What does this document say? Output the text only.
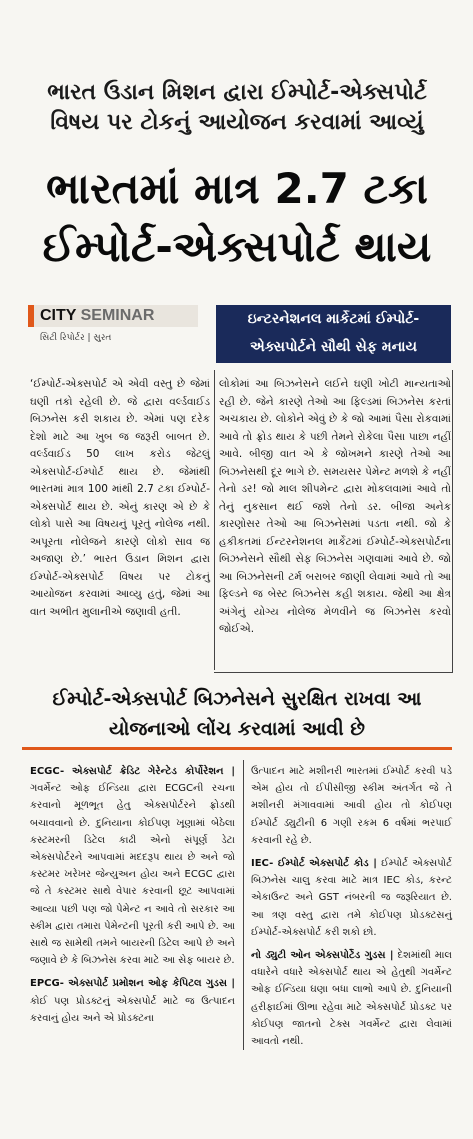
ભારત ઉડાન મિશન દ્વારા ઈમ્પોર્ટ-એક્સપોર્ટ વિષય પર ટોકનું આયોજન કરવામાં આવ્યું
ભારતમાં માત્ર 2.7 ટકા ઈમ્પોર્ટ-એક્સપોર્ટ થાય
CITY SEMINAR
સિટી રિપોર્ટર | સુરત
ઇન્ટરનેશનલ માર્કેટમાં ઈમ્પોર્ટ-એક્સપોર્ટને સૌથી સેફ મનાય
‘ઈમ્પોર્ટ-એક્સપોર્ટ એ એવી વસ્તુ છે જેમાં ઘણી તકો રહેલી છે. જે દ્વારા વર્લ્ડવાઈડ બિઝનેસ કરી શકાય છે. એમાં પણ દરેક દેશો માટે આ ખુબ જ જરૂરી બાબત છે. વર્લ્ડવાઈડ 50 લાખ કરોડ જેટલું એક્સપોર્ટ-ઈમ્પોર્ટ થાય છે. જેમાંથી ભારતમાં માત્ર 100 માંથી 2.7 ટકા ઈમ્પોર્ટ-એક્સપોર્ટ થાય છે. એનું કારણ એ છે કે લોકો પાસે આ વિષયનું પૂરતું નોલેજ નથી. અપૂરતા નોલેજને કારણે લોકો સાવ જ અજાણ છે.’ ભારત ઉડાન મિશન દ્વારા ઈમ્પોર્ટ-એક્સપોર્ટ વિષય પર ટોકનું આયોજન કરવામાં આવ્યુ હતું, જેમાં આ વાત અભીત મુલાનીએ જણાવી હતી.
લોકોમાં આ બિઝનેસને લઈને ઘણી ખોટી માન્યતાઓ રહી છે. જેને કારણે તેઓ આ ફિલ્ડમાં બિઝનેસ કરતાં અચકાય છે. લોકોને એવું છે કે જો આમાં પૈસા રોકવામાં આવે તો ફ્રોડ થાય કે પછી તેમને રોકેલા પૈસા પાછા નહીં આવે. બીજી વાત એ કે જોખમને કારણે તેઓ આ બિઝનેસથી દૂર ભાગે છે. સમયસર પેમેન્ટ મળશે કે નહીં તેનો ડર! જો માલ શીપમેન્ટ દ્વારા મોકલવામાં આવે તો તેનું નુકસાન થઈ જશે તેનો ડર. બીજા અનેક કારણોસર તેઓ આ બિઝનેસમાં પડતા નથી. જો કે હકીકતમાં ઈન્ટરનેશનલ માર્કેટમાં ઈમ્પોર્ટ-એક્સપોર્ટના બિઝનેસને સૌથી સેફ બિઝનેસ ગણવામાં આવે છે. જો આ બિઝનેસની ટર્મ બરાબર જાણી લેવામાં આવે તો આ ફિલ્ડને જ બેસ્ટ બિઝનેસ કહી શકાય. જેથી આ ક્ષેત્ર અંગેનું યોગ્ય નોલેજ મેળવીને જ બિઝનેસ કરવો જોઈએ.
ઈમ્પોર્ટ-એક્સપોર્ટ બિઝનેસને સુરક્ષિત રાખવા આ યોજનાઓ લોંચ કરવામાં આવી છે
ECGC- એક્સપોર્ટ ક્રેડિટ ગેરેન્ટેડ કોર્પોરેશન | ગવર્મેન્ટ ઓફ ઈન્ડિયા દ્વારા ECGCની રચના કરવાનો મૂળભૂત હેતુ એક્સપોર્ટરને ફ્રોડથી બચાવવાનો છે. દુનિયાના કોઈપણ ખૂણામાં બેઠેલા કસ્ટમરની ડિટેલ કાઢી એનો સંપૂર્ણ ડેટા એક્સપોર્ટરને આપવામાં મદદરૂપ થાય છે અને જો કસ્ટમર ખરેખર જેન્યુઅન હોય અને ECGC દ્વારા જે તે કસ્ટમર સાથે વેપાર કરવાની છૂટ આપવામાં આવ્યા પછી પણ જો પેમેન્ટ ન આવે તો સરકાર આ સ્કીમ દ્વારા તમારા પેમેન્ટની પૂરતી કરી આપે છે. આ સાથે જ સામેથી તમને બાયરની ડિટેલ આપે છે અને જણાવે છે કે બિઝનેસ કરવા માટે આ સેફ બાયર છે.
EPCG- એક્સપોર્ટ પ્રમોશન ઓફ કેપિટલ ગુડસ | કોઈ પણ પ્રોડક્ટનું એક્સપોર્ટ માટે જ ઉત્પાદન કરવાનું હોય અને એ પ્રોડક્ટના
ઉત્પાદન માટે મશીનરી ભારતમાં ઈમ્પોર્ટ કરવી પડે એમ હોય તો ઈપીસીજી સ્કીમ અંતર્ગત જે તે મશીનરી મંગાવવામાં આવી હોય તો કોઈપણ ઈમ્પોર્ટ ડ્યુટીની 6 ગણી રકમ 6 વર્ષમાં ભરપાઈ કરવાની રહે છે.
IEC- ઈમ્પોર્ટ એક્સપોર્ટ કોડ | ઈમ્પોર્ટ એક્સપોર્ટ બિઝનેસ ચાલુ કરવા માટે માત્ર IEC કોડ, કરન્ટ એકાઉન્ટ અને GST નંબરની જ જરૂરિયાત છે. આ ત્રણ વસ્તુ દ્વારા તમે કોઈપણ પ્રોડક્ટસનું ઈમ્પોર્ટ-એક્સપોર્ટ કરી શકો છો.
નો ડ્યુટી ઓન એક્સપોર્ટેડ ગુડસ | દેશમાંથી માલ વધારેને વધારે એક્સપોર્ટ થાય એ હેતુથી ગવર્મેન્ટ ઓફ ઈન્ડિયા ઘણા બધા લાભો આપે છે. દુનિયાની હરીફાઈમાં ઊભા રહેવા માટે એક્સપોર્ટ પ્રોડક્ટ પર કોઈપણ જાતનો ટેક્સ ગવર્મેન્ટ દ્વારા લેવામાં આવતો નથી.
